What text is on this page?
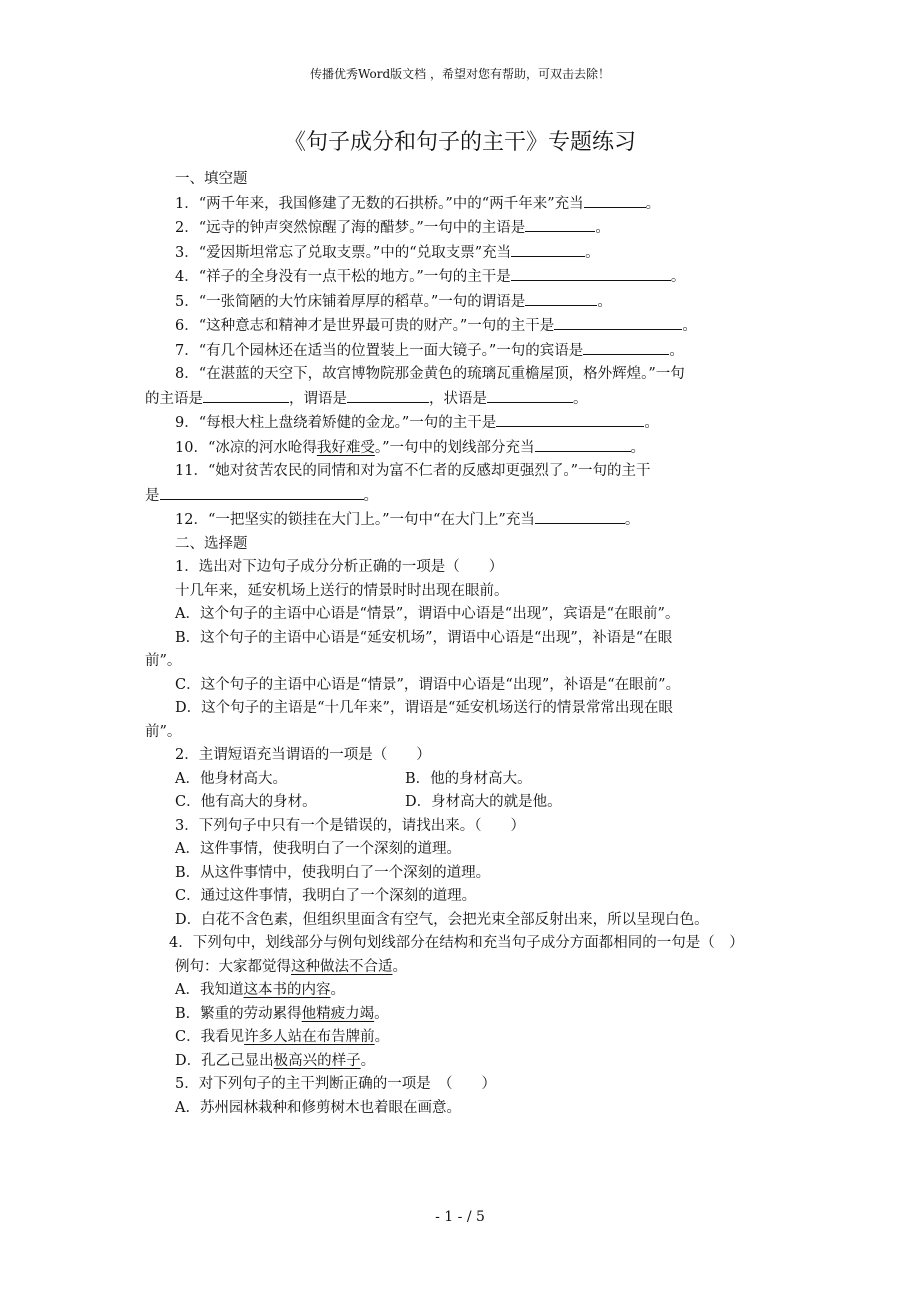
传播优秀Word版文档 ，希望对您有帮助，可双击去除！
《句子成分和句子的主干》专题练习
一、填空题
1．“两千年来，我国修建了无数的石拱桥。”中的“两千年来”充当	。
2．“远寺的钟声突然惊醒了海的醋梦。”一句中的主语是	。
3．“爱因斯坦常忘了兑取支票。”中的“兑取支票”充当	。
4．“祥子的全身没有一点干松的地方。”一句的主干是	。
5．“一张简陋的大竹床铺着厚厚的稻草。”一句的谓语是	。
6．“这种意志和精神才是世界最可贵的财产。”一句的主干是	。
7．“有几个园林还在适当的位置装上一面大镜子。”一句的宾语是	。
8．“在湛蓝的天空下，故宫博物院那金黄色的琉璃瓦重檐屋顶，格外辉煌。”一句
的主语是	，谓语是	，状语是	。
9．“每根大柱上盘绕着矫健的金龙。”一句的主干是	。
10．“冰凉的河水呛得我好难受。”一句中的划线部分充当	。
11．“她对贫苦农民的同情和对为富不仁者的反感却更强烈了。”一句的主干
是	。
12．“一把坚实的锁挂在大门上。”一句中“在大门上”充当	。
二、选择题
1．选出对下边句子成分分析正确的一项是（　　）
十几年来，延安机场上送行的情景时时出现在眼前。
A．这个句子的主语中心语是“情景”，谓语中心语是“出现”，宾语是“在眼前”。
B．这个句子的主语中心语是“延安机场”，谓语中心语是“出现”，补语是“在眼
前”。
C．这个句子的主语中心语是“情景”，谓语中心语是“出现”，补语是“在眼前”。
D．这个句子的主语是“十几年来”，谓语是“延安机场送行的情景常常出现在眼
前”。
2．主谓短语充当谓语的一项是（　　）
A．他身材高大。	B．他的身材高大。
C．他有高大的身材。	D．身材高大的就是他。
3．下列句子中只有一个是错误的，请找出来。（　　）
A．这件事情，使我明白了一个深刻的道理。
B．从这件事情中，使我明白了一个深刻的道理。
C．通过这件事情，我明白了一个深刻的道理。
D．白花不含色素，但组织里面含有空气，会把光束全部反射出来，所以呈现白色。
4．下列句中，划线部分与例句划线部分在结构和充当句子成分方面都相同的一句是（　）
例句：大家都觉得这种做法不合适。
A．我知道这本书的内容。
B．繁重的劳动累得他精疲力竭。
C．我看见许多人站在布告牌前。
D．孔乙己显出极高兴的样子。
5．对下列句子的主干判断正确的一项是　（　　）
A．苏州园林栽种和修剪树木也着眼在画意。
- 1 - / 5
